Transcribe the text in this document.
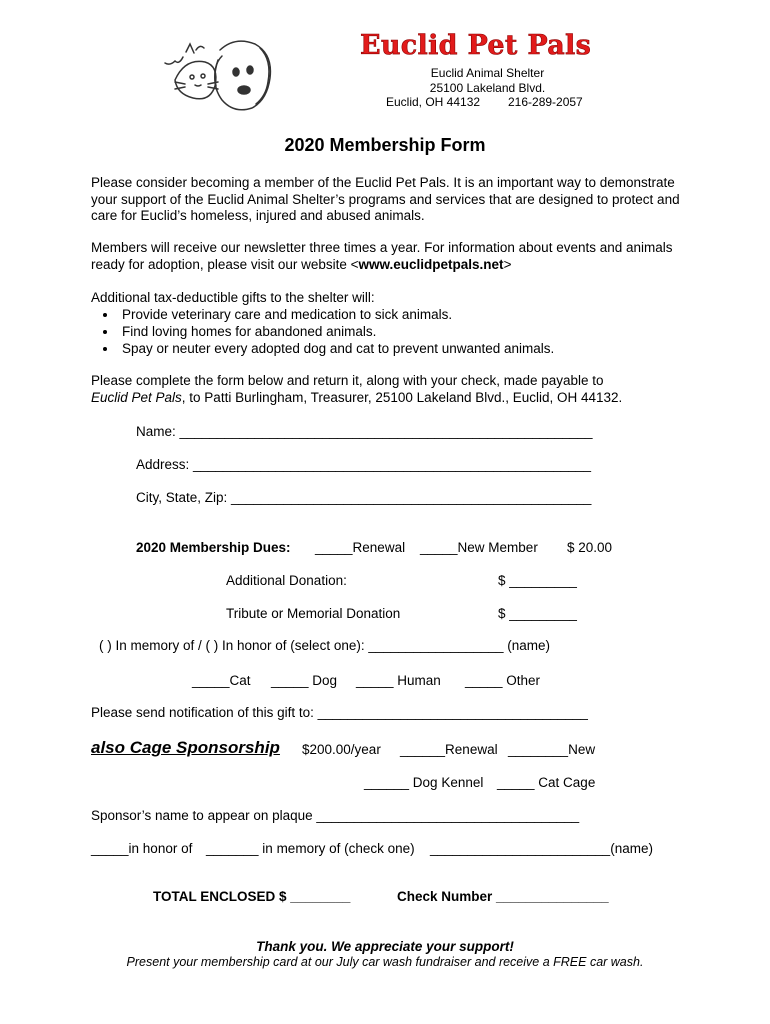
Euclid Pet Pals
Euclid Animal Shelter
25100 Lakeland Blvd.
Euclid, OH 44132 216-289-2057
2020 Membership Form
Please consider becoming a member of the Euclid Pet Pals. It is an important way to demonstrate your support of the Euclid Animal Shelter’s programs and services that are designed to protect and care for Euclid’s homeless, injured and abused animals.
Members will receive our newsletter three times a year. For information about events and animals ready for adoption, please visit our website <www.euclidpetpals.net>
Additional tax-deductible gifts to the shelter will:
• Provide veterinary care and medication to sick animals.
• Find loving homes for abandoned animals.
• Spay or neuter every adopted dog and cat to prevent unwanted animals.
Please complete the form below and return it, along with your check, made payable to
Euclid Pet Pals, to Patti Burlingham, Treasurer, 25100 Lakeland Blvd., Euclid, OH 44132.
Name: _______________________________________________________
Address: _____________________________________________________
City, State, Zip: ________________________________________________
2020 Membership Dues: _____Renewal _____New Member $ 20.00
Additional Donation:	$ _________
Tribute or Memorial Donation	$ _________
( ) In memory of / ( ) In honor of (select one): __________________ (name)
_____Cat _____ Dog _____ Human _____ Other
Please send notification of this gift to: ____________________________________
also Cage Sponsorship $200.00/year ______Renewal ________New
______ Dog Kennel _____ Cat Cage
Sponsor’s name to appear on plaque ___________________________________
_____in honor of _______ in memory of (check one) ________________________(name)
TOTAL ENCLOSED $ ________	Check Number _______________
Thank you. We appreciate your support!
Present your membership card at our July car wash fundraiser and receive a FREE car wash.
